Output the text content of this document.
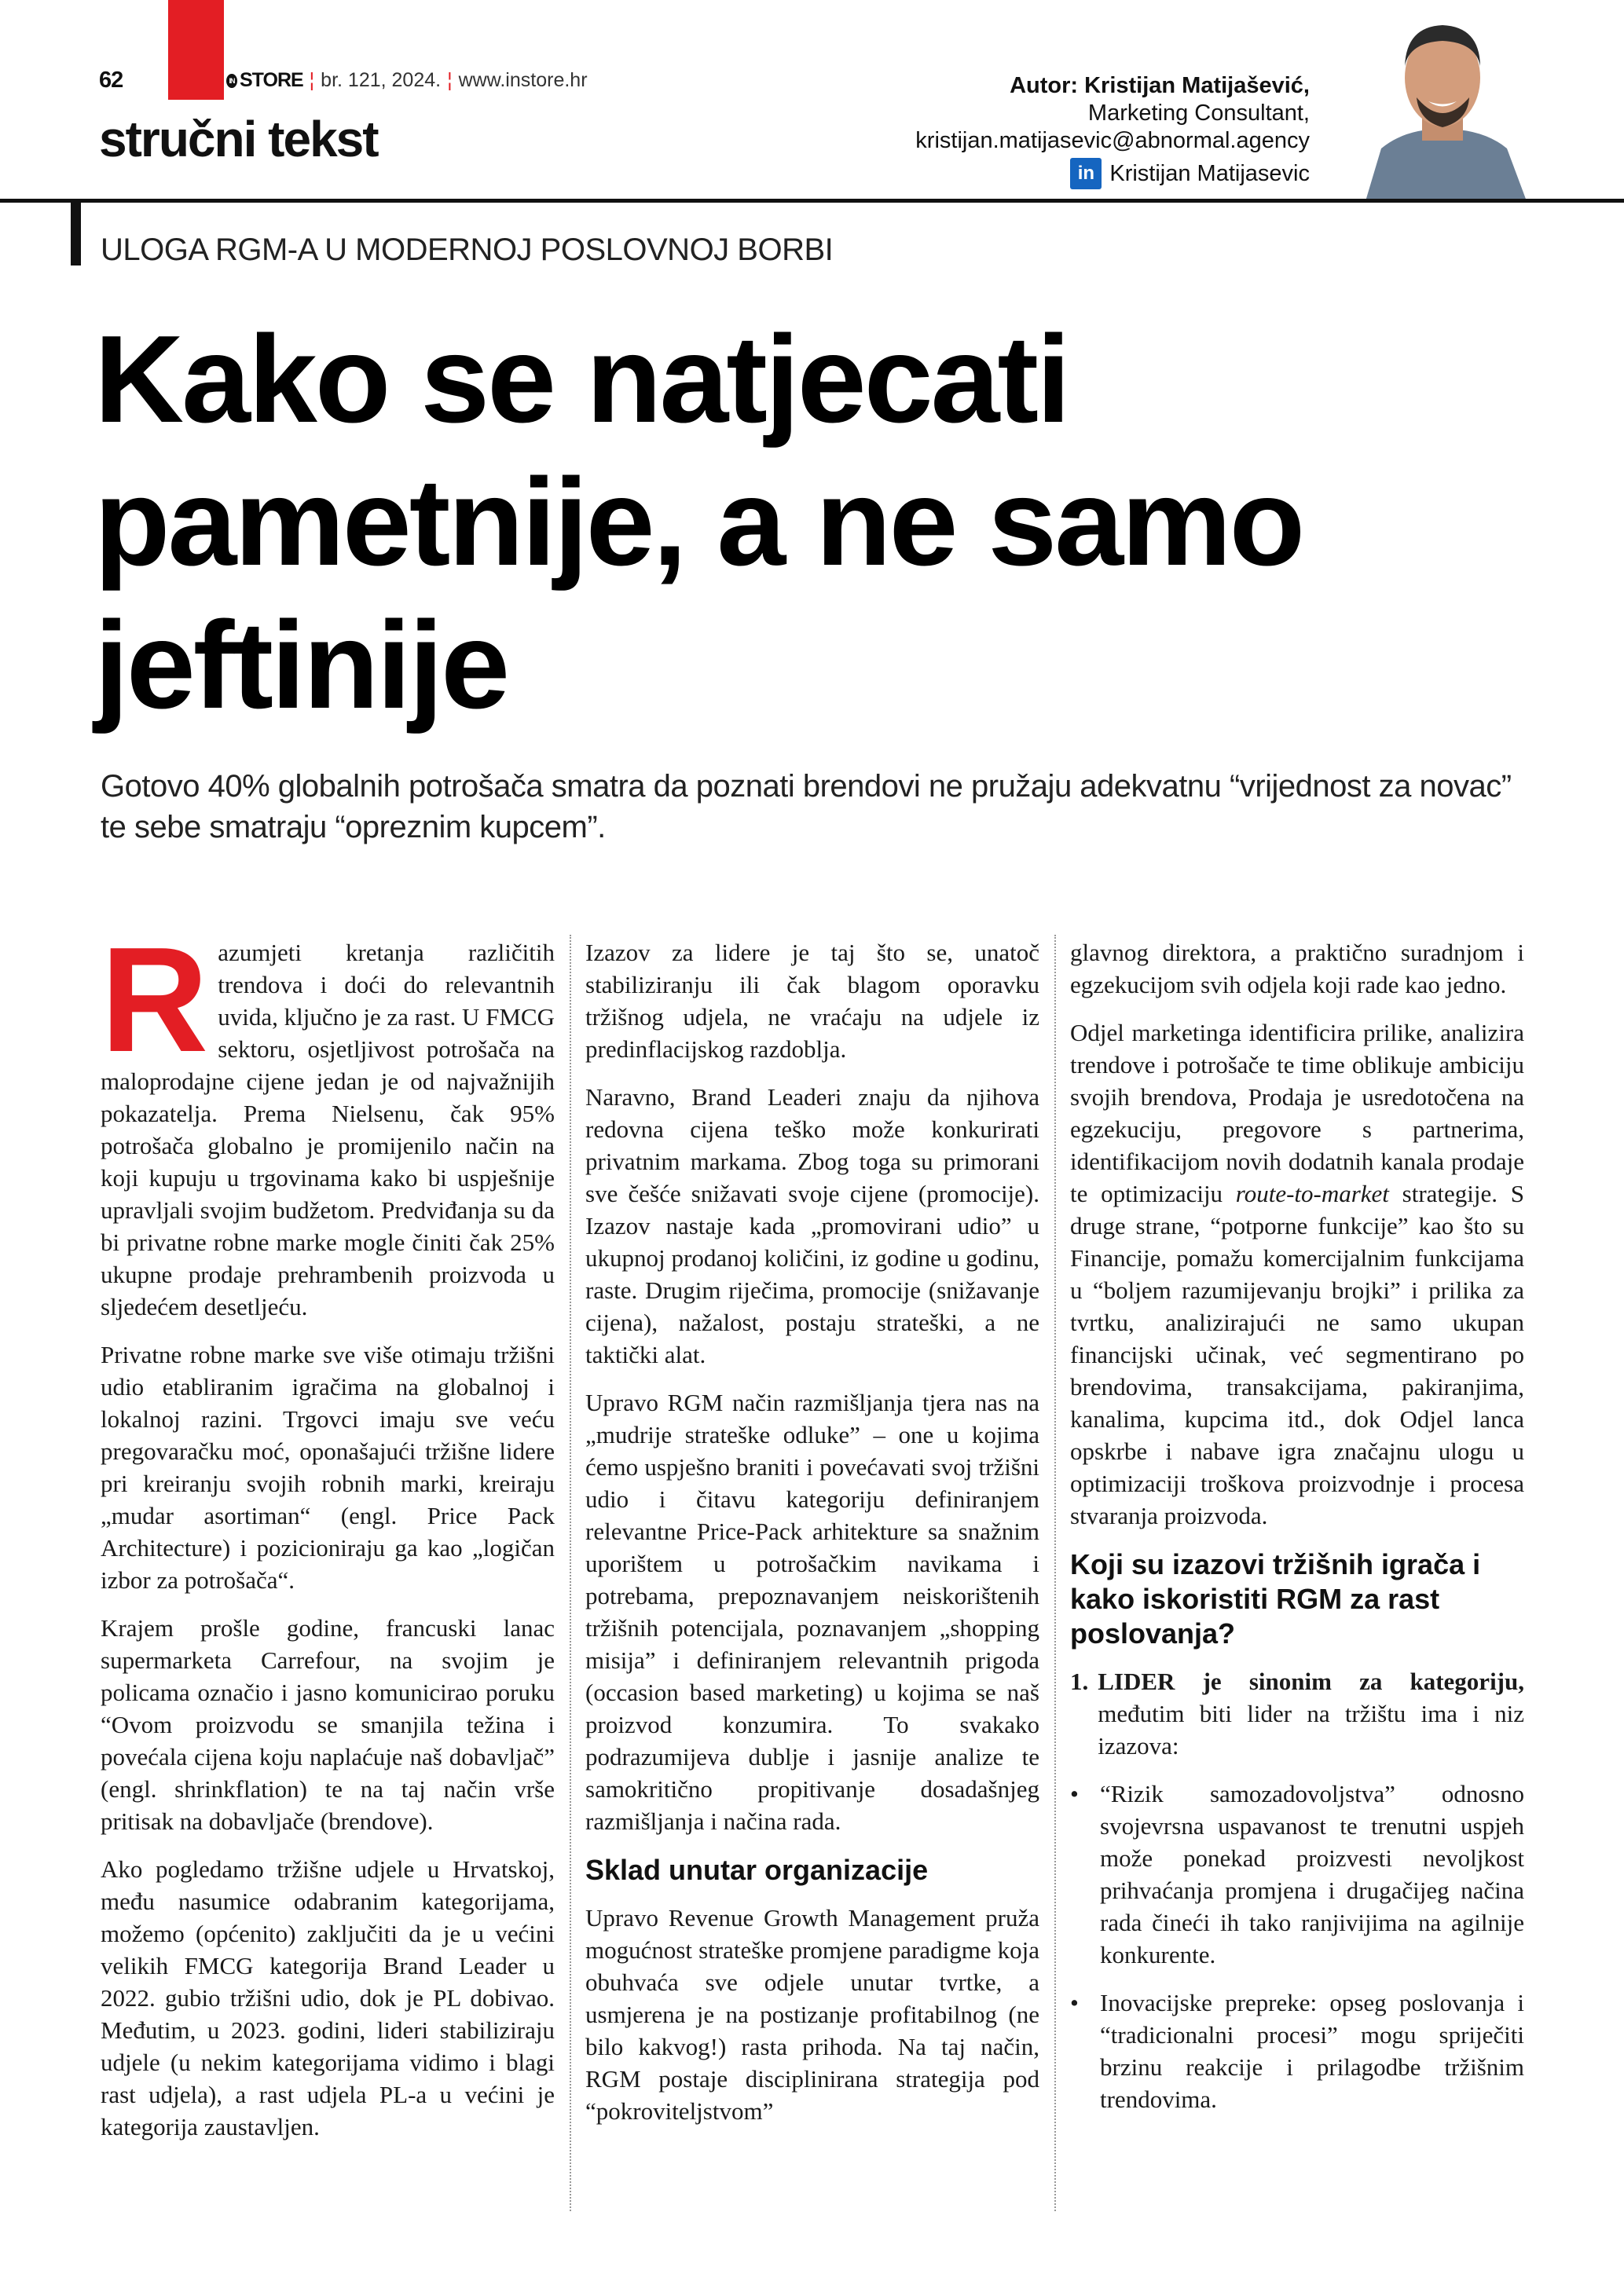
62	IN STORE ¦ br. 121, 2024. ¦ www.instore.hr
stručni tekst
Autor: Kristijan Matijašević,
Marketing Consultant,
kristijan.matijasevic@abnormal.agency
in Kristijan Matijasevic
ULOGA RGM-A U MODERNOJ POSLOVNOJ BORBI
Kako se natjecati pametnije, a ne samo jeftinije
Gotovo 40% globalnih potrošača smatra da poznati brendovi ne pružaju adekvatnu “vrijednost za novac” te sebe smatraju “opreznim kupcem”.

Razumjeti kretanja različitih trendova i doći do relevantnih uvida, ključno je za rast. U FMCG sektoru, osjetljivost potrošača na maloprodajne cijene jedan je od najvažnijih pokazatelja. Prema Nielsenu, čak 95% potrošača globalno je promijenilo način na koji kupuju u trgovinama kako bi uspješnije upravljali svojim budžetom. Predviđanja su da bi privatne robne marke mogle činiti čak 25% ukupne prodaje prehrambenih proizvoda u sljedećem desetljeću.

Privatne robne marke sve više otimaju tržišni udio etabliranim igračima na globalnoj i lokalnoj razini. Trgovci imaju sve veću pregovaračku moć, oponašajući tržišne lidere pri kreiranju svojih robnih marki, kreiraju „mudar asortiman“ (engl. Price Pack Architecture) i pozicioniraju ga kao „logičan izbor za potrošača“.

Krajem prošle godine, francuski lanac supermarketa Carrefour, na svojim je policama označio i jasno komunicirao poruku “Ovom proizvodu se smanjila težina i povećala cijena koju naplaćuje naš dobavljač” (engl. shrinkflation) te na taj način vrše pritisak na dobavljače (brendove).

Ako pogledamo tržišne udjele u Hrvatskoj, među nasumice odabranim kategorijama, možemo (općenito) zaključiti da je u većini velikih FMCG kategorija Brand Leader u 2022. gubio tržišni udio, dok je PL dobivao. Međutim, u 2023. godini, lideri stabiliziraju udjele (u nekim kategorijama vidimo i blagi rast udjela), a rast udjela PL-a u većini je kategorija zaustavljen.

Izazov za lidere je taj što se, unatoč stabiliziranju ili čak blagom oporavku tržišnog udjela, ne vraćaju na udjele iz predinflacijskog razdoblja.

Naravno, Brand Leaderi znaju da njihova redovna cijena teško može konkurirati privatnim markama. Zbog toga su primorani sve češće snižavati svoje cijene (promocije). Izazov nastaje kada „promovirani udio” u ukupnoj prodanoj količini, iz godine u godinu, raste. Drugim riječima, promocije (snižavanje cijena), nažalost, postaju strateški, a ne taktički alat.

Upravo RGM način razmišljanja tjera nas na „mudrije strateške odluke” – one u kojima ćemo uspješno braniti i povećavati svoj tržišni udio i čitavu kategoriju definiranjem relevantne Price-Pack arhitekture sa snažnim uporištem u potrošačkim navikama i potrebama, prepoznavanjem neiskorištenih tržišnih potencijala, poznavanjem „shopping misija” i definiranjem relevantnih prigoda (occasion based marketing) u kojima se naš proizvod konzumira. To svakako podrazumijeva dublje i jasnije analize te samokritično propitivanje dosadašnjeg razmišljanja i načina rada.

Sklad unutar organizacije

Upravo Revenue Growth Management pruža mogućnost strateške promjene paradigme koja obuhvaća sve odjele unutar tvrtke, a usmjerena je na postizanje profitabilnog (ne bilo kakvog!) rasta prihoda. Na taj način, RGM postaje disciplinirana strategija pod “pokroviteljstvom”

glavnog direktora, a praktično suradnjom i egzekucijom svih odjela koji rade kao jedno.

Odjel marketinga identificira prilike, analizira trendove i potrošače te time oblikuje ambiciju svojih brendova, Prodaja je usredotočena na egzekuciju, pregovore s partnerima, identifikacijom novih dodatnih kanala prodaje te optimizaciju route-to-market strategije. S druge strane, “potporne funkcije” kao što su Financije, pomažu komercijalnim funkcijama u “boljem razumijevanju brojki” i prilika za tvrtku, analizirajući ne samo ukupan financijski učinak, već segmentirano po brendovima, transakcijama, pakiranjima, kanalima, kupcima itd., dok Odjel lanca opskrbe i nabave igra značajnu ulogu u optimizaciji troškova proizvodnje i procesa stvaranja proizvoda.

Koji su izazovi tržišnih igrača i kako iskoristiti RGM za rast poslovanja?
1. LIDER je sinonim za kategoriju, međutim biti lider na tržištu ima i niz izazova:
• “Rizik samozadovoljstva” odnosno svojevrsna uspavanost te trenutni uspjeh može ponekad proizvesti nevoljkost prihvaćanja promjena i drugačijeg načina rada čineći ih tako ranjivijima na agilnije konkurente.
• Inovacijske prepreke: opseg poslovanja i “tradicionalni procesi” mogu spriječiti brzinu reakcije i prilagodbe tržišnim trendovima.
